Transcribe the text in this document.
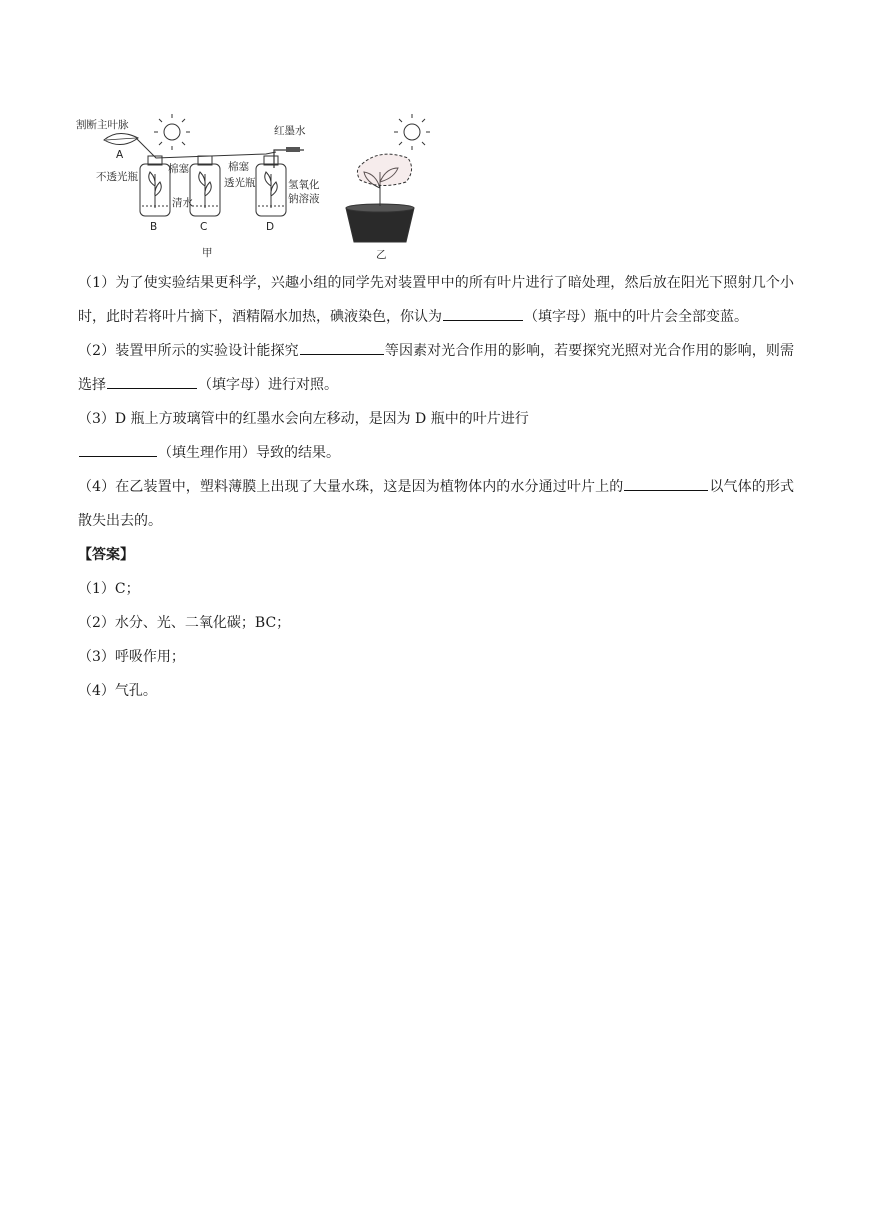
割断主叶脉
A
不透光瓶
棉塞
清水
棉塞
透光瓶
红墨水
氢氧化
钠溶液
B	C	D
甲	乙

（1）为了使实验结果更科学，兴趣小组的同学先对装置甲中的所有叶片进行了暗处理，然后放在阳光下照射几个小时，此时若将叶片摘下，酒精隔水加热，碘液染色，你认为	（填字母）瓶中的叶片会全部变蓝。

（2）装置甲所示的实验设计能探究	等因素对光合作用的影响，若要探究光照对光合作用的影响，则需选择	（填字母）进行对照。

（3）D 瓶上方玻璃管中的红墨水会向左移动，是因为 D 瓶中的叶片进行

（填生理作用）导致的结果。

（4）在乙装置中，塑料薄膜上出现了大量水珠，这是因为植物体内的水分通过叶片上的	以气体的形式散失出去的。

【答案】

（1）C；

（2）水分、光、二氧化碳；BC；

（3）呼吸作用；

（4）气孔。
